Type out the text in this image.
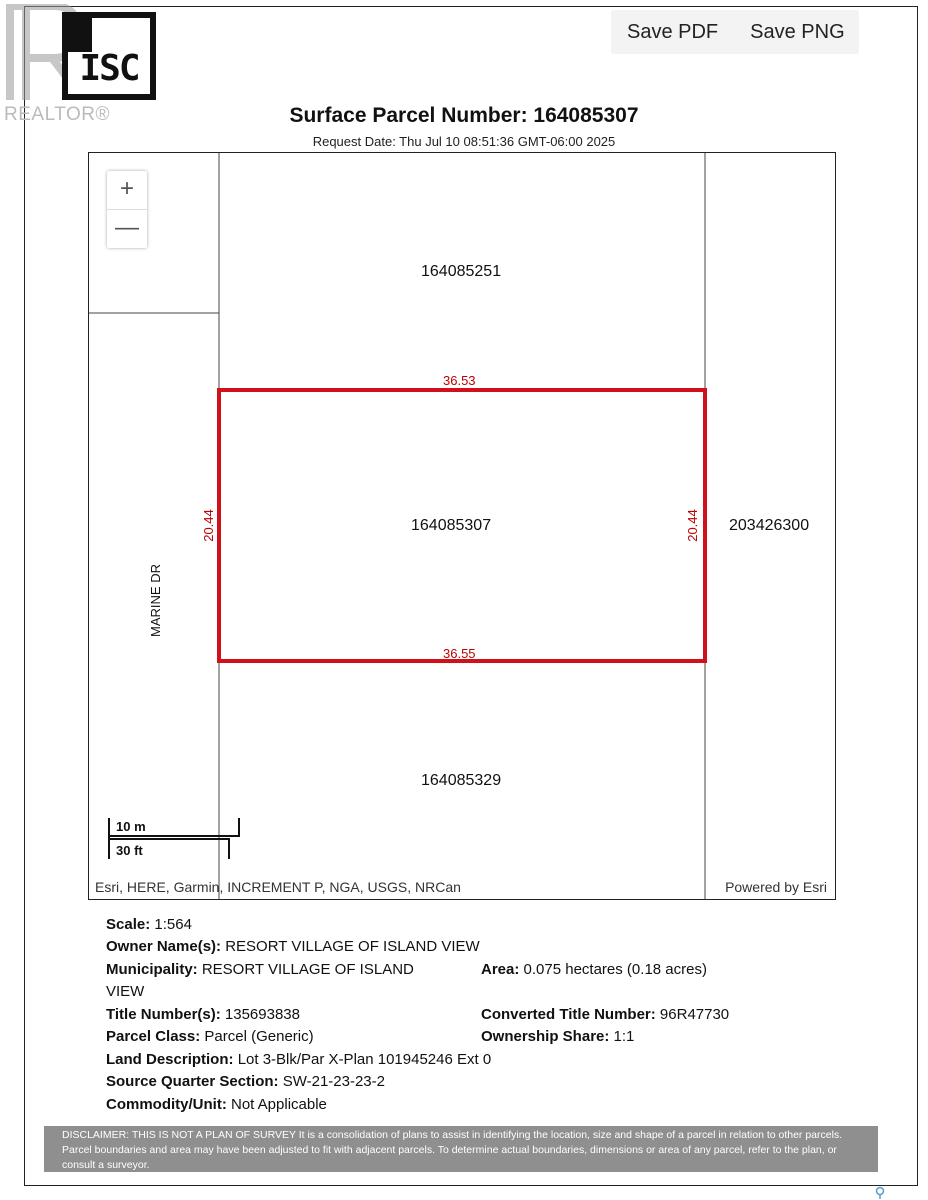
REALTOR®
ISC
Save PDF	Save PNG
Surface Parcel Number: 164085307
Request Date: Thu Jul 10 08:51:36 GMT-06:00 2025
+
—
164085251
164085307	203426300
164085329
36.53
36.55
20.44	20.44
MARINE DR
10 m
30 ft
Esri, HERE, Garmin, INCREMENT P, NGA, USGS, NRCan	Powered by Esri
Scale: 1:564
Owner Name(s): RESORT VILLAGE OF ISLAND VIEW
Municipality: RESORT VILLAGE OF ISLAND
VIEW
Area: 0.075 hectares (0.18 acres)
Title Number(s): 135693838	Converted Title Number: 96R47730
Parcel Class: Parcel (Generic)	Ownership Share: 1:1
Land Description: Lot 3-Blk/Par X-Plan 101945246 Ext 0
Source Quarter Section: SW-21-23-23-2
Commodity/Unit: Not Applicable
DISCLAIMER: THIS IS NOT A PLAN OF SURVEY It is a consolidation of plans to assist in identifying the location, size and shape of a parcel in relation to other parcels. Parcel boundaries and area may have been adjusted to fit with adjacent parcels. To determine actual boundaries, dimensions or area of any parcel, refer to the plan, or consult a surveyor.
